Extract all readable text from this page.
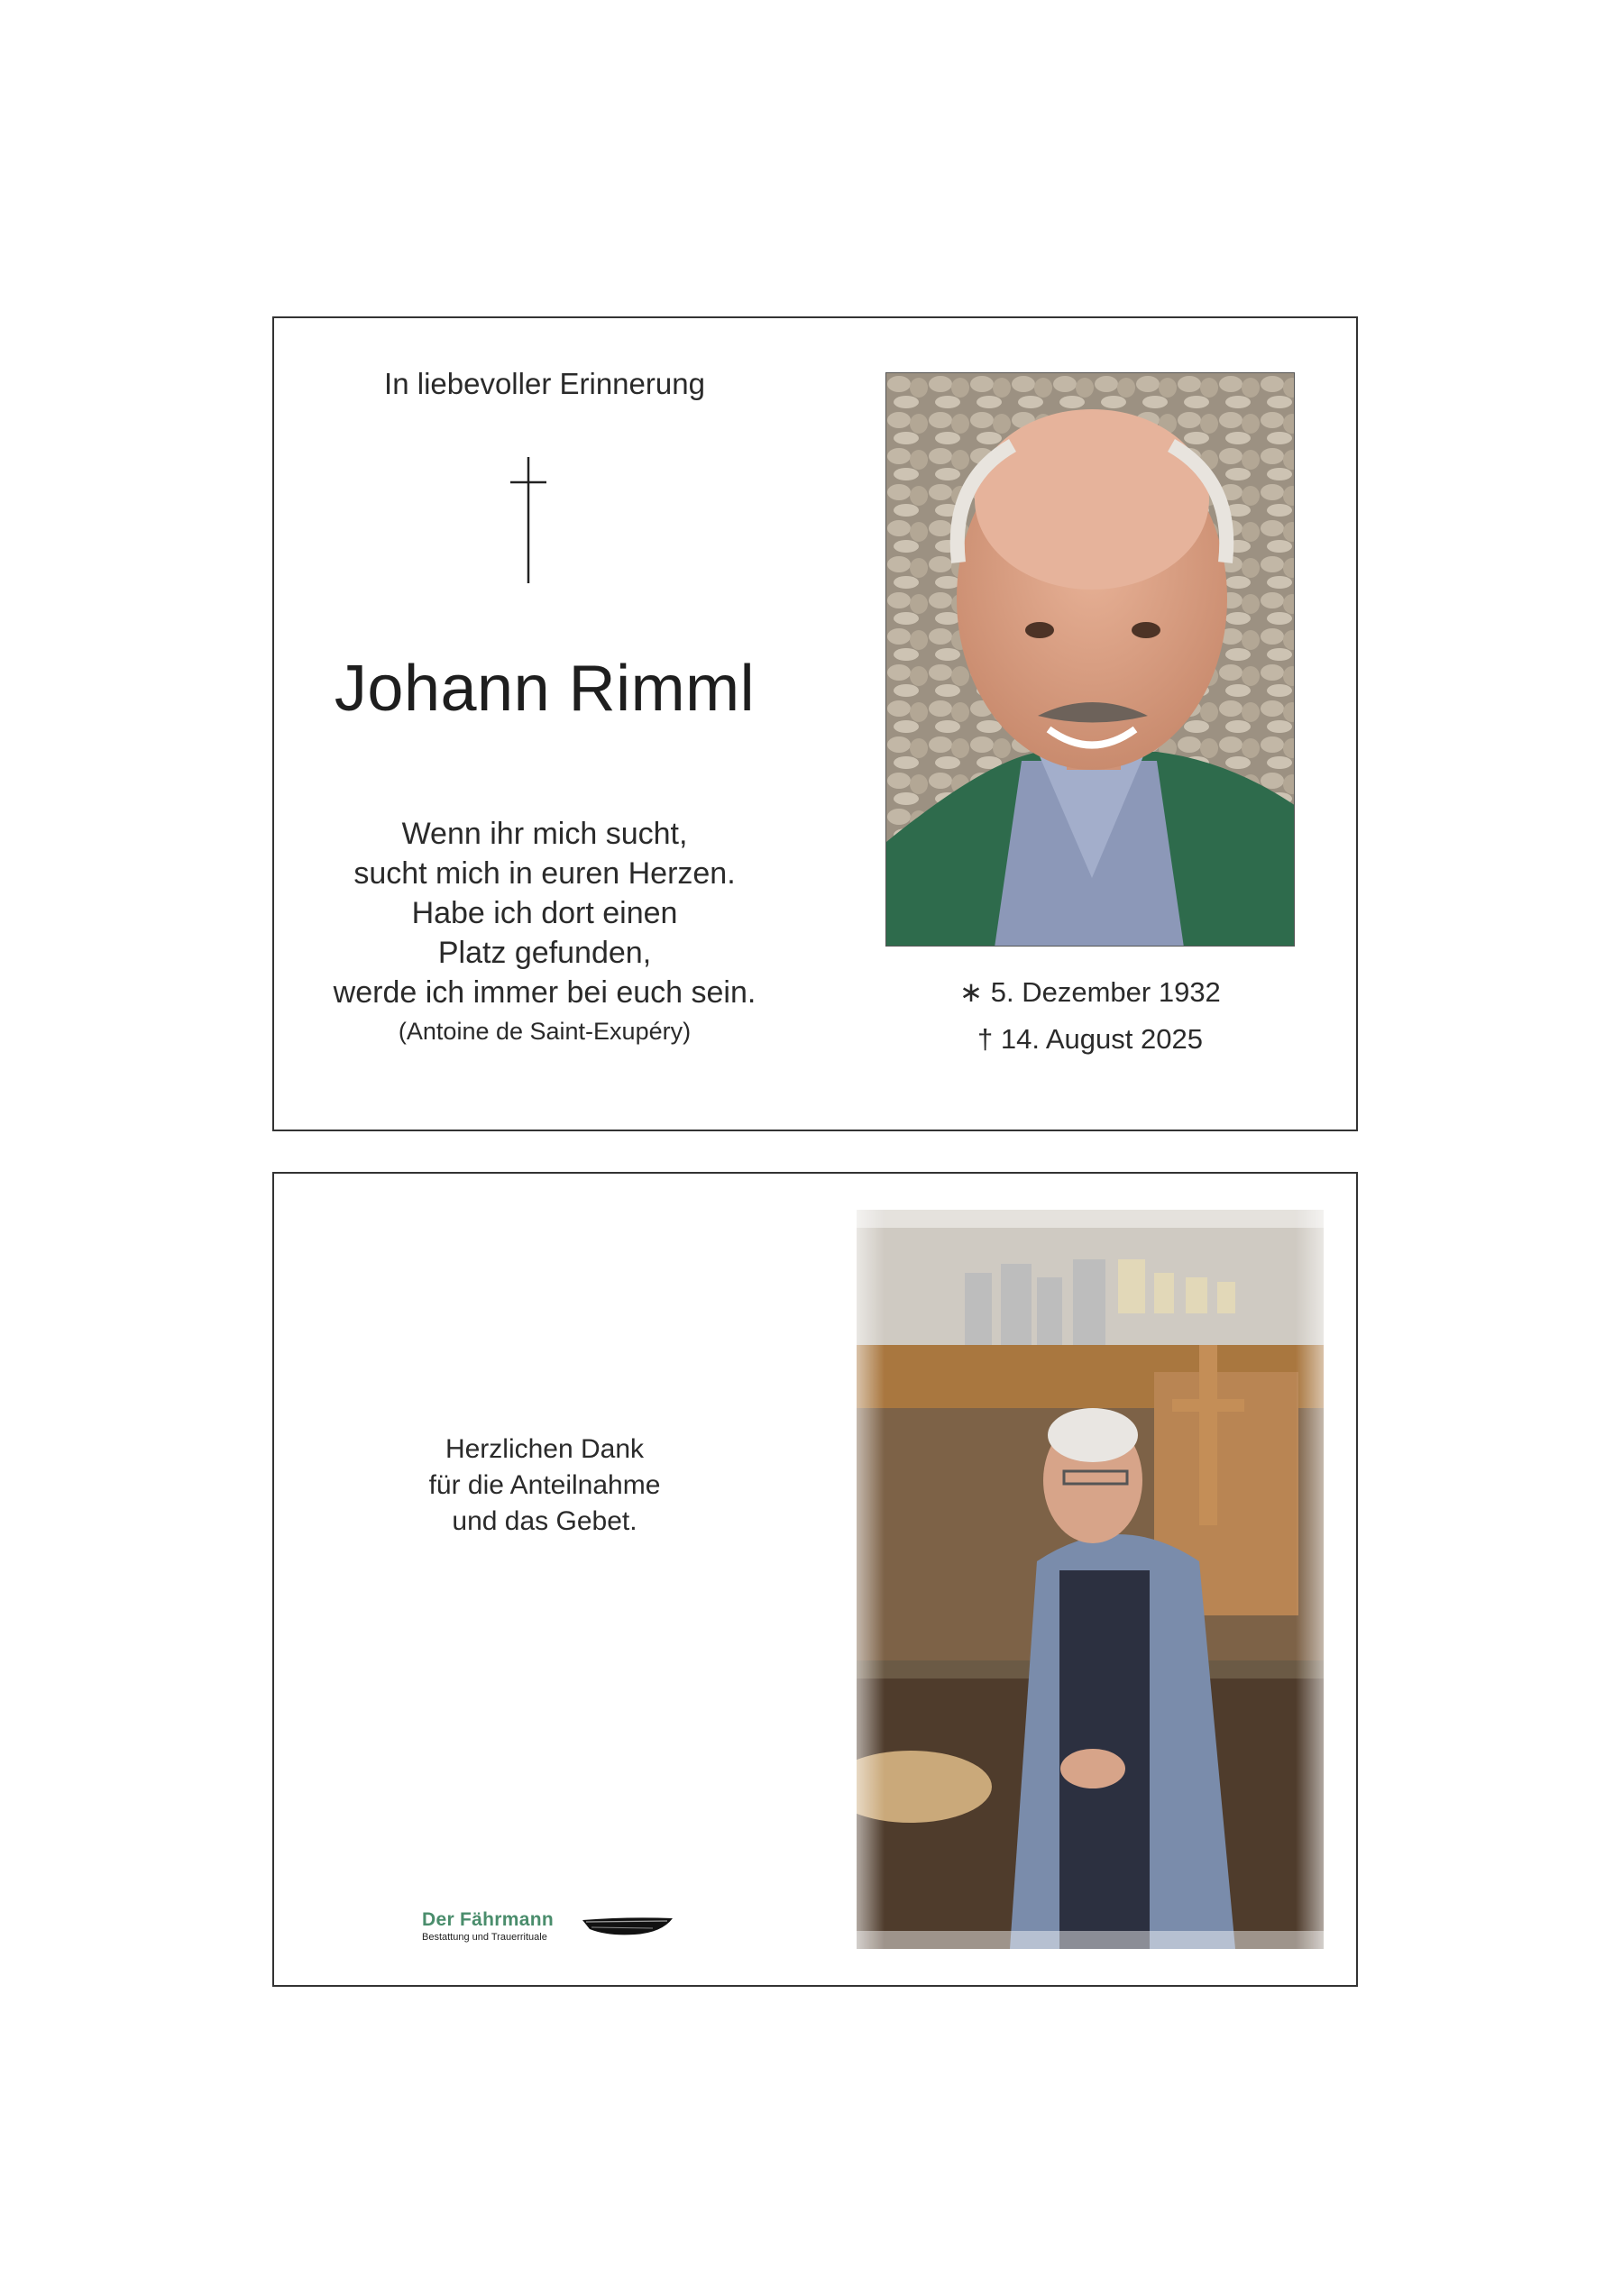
In liebevoller Erinnerung
Johann Rimml
Wenn ihr mich sucht,
sucht mich in euren Herzen.
Habe ich dort einen
Platz gefunden,
werde ich immer bei euch sein.
(Antoine de Saint-Exupéry)
∗ 5. Dezember 1932
† 14. August 2025
Herzlichen Dank
für die Anteilnahme
und das Gebet.
Der Fährmann
Bestattung und Trauerrituale
